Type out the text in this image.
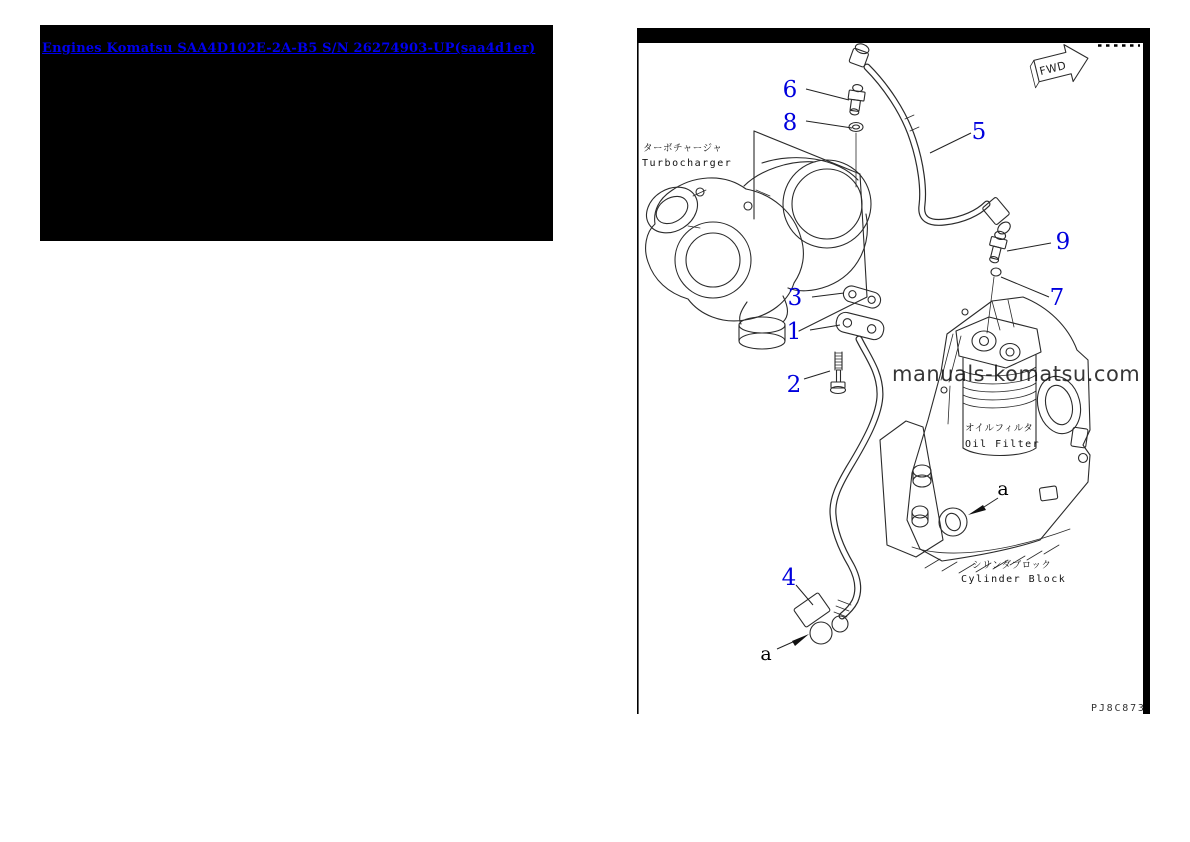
Engines Komatsu SAA4D102E-2A-B5 S/N 26274903-UP(saa4d1er)
FWD
1
2
3
4
5
6
7
8
9
a
a
ターボチャージャ
Turbocharger
オイルフィルタ
Oil Filter
シリンダブロック
Cylinder Block
manuals-komatsu.com
PJ8C873
